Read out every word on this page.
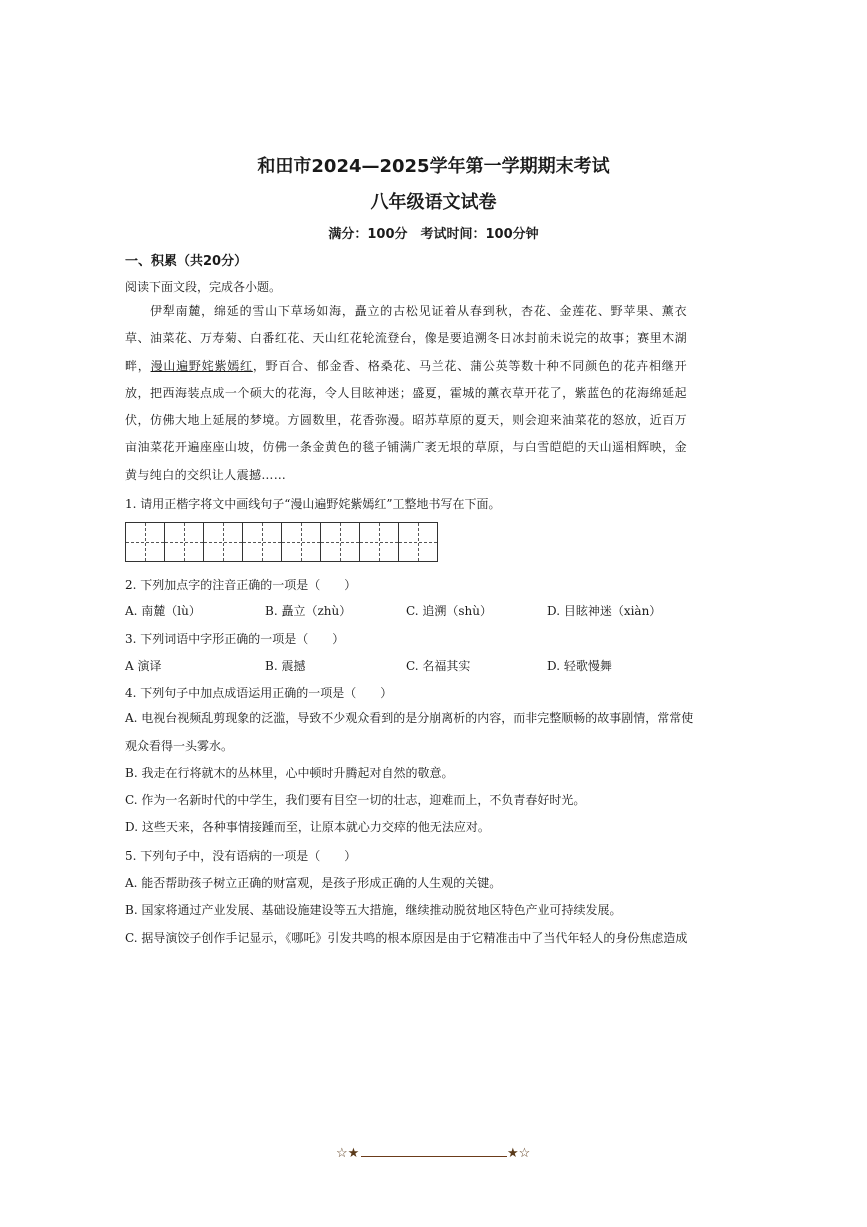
和田市2024—2025学年第一学期期末考试
八年级语文试卷
满分：100分　考试时间：100分钟
一、积累（共20分）
阅读下面文段，完成各小题。
伊犁南麓，绵延的雪山下草场如海，矗立的古松见证着从春到秋，杏花、金莲花、野苹果、薰衣草、油菜花、万寿菊、白番红花、天山红花轮流登台，像是要追溯冬日冰封前未说完的故事；赛里木湖畔，漫山遍野姹紫嫣红，野百合、郁金香、格桑花、马兰花、蒲公英等数十种不同颜色的花卉相继开放，把西海装点成一个硕大的花海，令人目眩神迷；盛夏，霍城的薰衣草开花了，紫蓝色的花海绵延起伏，仿佛大地上延展的梦境。方圆数里，花香弥漫。昭苏草原的夏天，则会迎来油菜花的怒放，近百万亩油菜花开遍座座山坡，仿佛一条金黄色的毯子铺满广袤无垠的草原，与白雪皑皑的天山遥相辉映，金黄与纯白的交织让人震撼……
1. 请用正楷字将文中画线句子“漫山遍野姹紫嫣红”工整地书写在下面。
2. 下列加点字的注音正确的一项是（　　）
A. 南麓（lù）	B. 矗立（zhù）	C. 追溯（shù）	D. 目眩神迷（xiàn）
3. 下列词语中字形正确的一项是（　　）
A 演译	B. 震撼	C. 名福其实	D. 轻歌慢舞
4. 下列句子中加点成语运用正确的一项是（　　）
A. 电视台视频乱剪现象的泛滥，导致不少观众看到的是分崩离析的内容，而非完整顺畅的故事剧情，常常使观众看得一头雾水。
B. 我走在行将就木的丛林里，心中顿时升腾起对自然的敬意。
C. 作为一名新时代的中学生，我们要有目空一切的壮志，迎难而上，不负青春好时光。
D. 这些天来，各种事情接踵而至，让原本就心力交瘁的他无法应对。
5. 下列句子中，没有语病的一项是（　　）
A. 能否帮助孩子树立正确的财富观，是孩子形成正确的人生观的关键。
B. 国家将通过产业发展、基础设施建设等五大措施，继续推动脱贫地区特色产业可持续发展。
C. 据导演饺子创作手记显示，《哪吒》引发共鸣的根本原因是由于它精准击中了当代年轻人的身份焦虑造成
☆★	★☆
